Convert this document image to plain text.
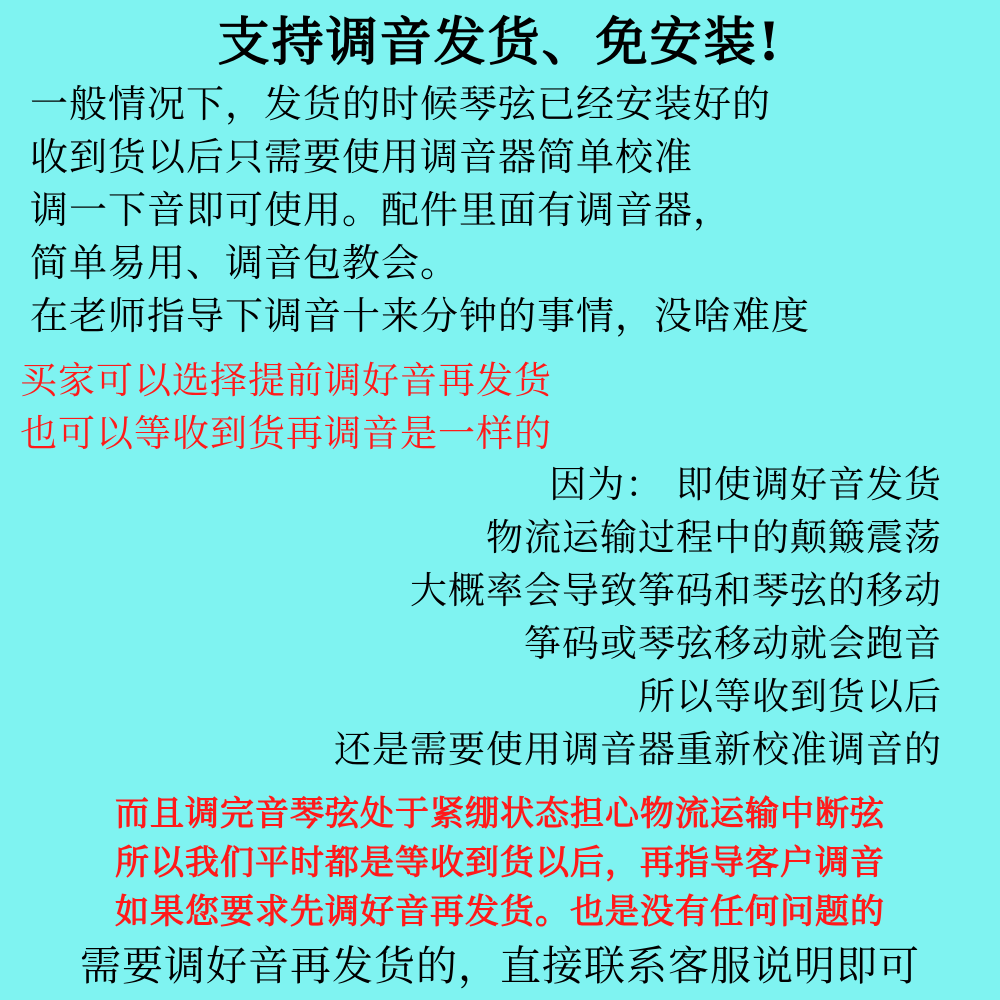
支持调音发货、免安装!
一般情况下，发货的时候琴弦已经安装好的
收到货以后只需要使用调音器简单校准
调一下音即可使用。配件里面有调音器，
简单易用、调音包教会。
在老师指导下调音十来分钟的事情，没啥难度
买家可以选择提前调好音再发货
也可以等收到货再调音是一样的
因为： 即使调好音发货
物流运输过程中的颠簸震荡
大概率会导致筝码和琴弦的移动
筝码或琴弦移动就会跑音
所以等收到货以后
还是需要使用调音器重新校准调音的
而且调完音琴弦处于紧绷状态担心物流运输中断弦
所以我们平时都是等收到货以后，再指导客户调音
如果您要求先调好音再发货。也是没有任何问题的
需要调好音再发货的，直接联系客服说明即可
